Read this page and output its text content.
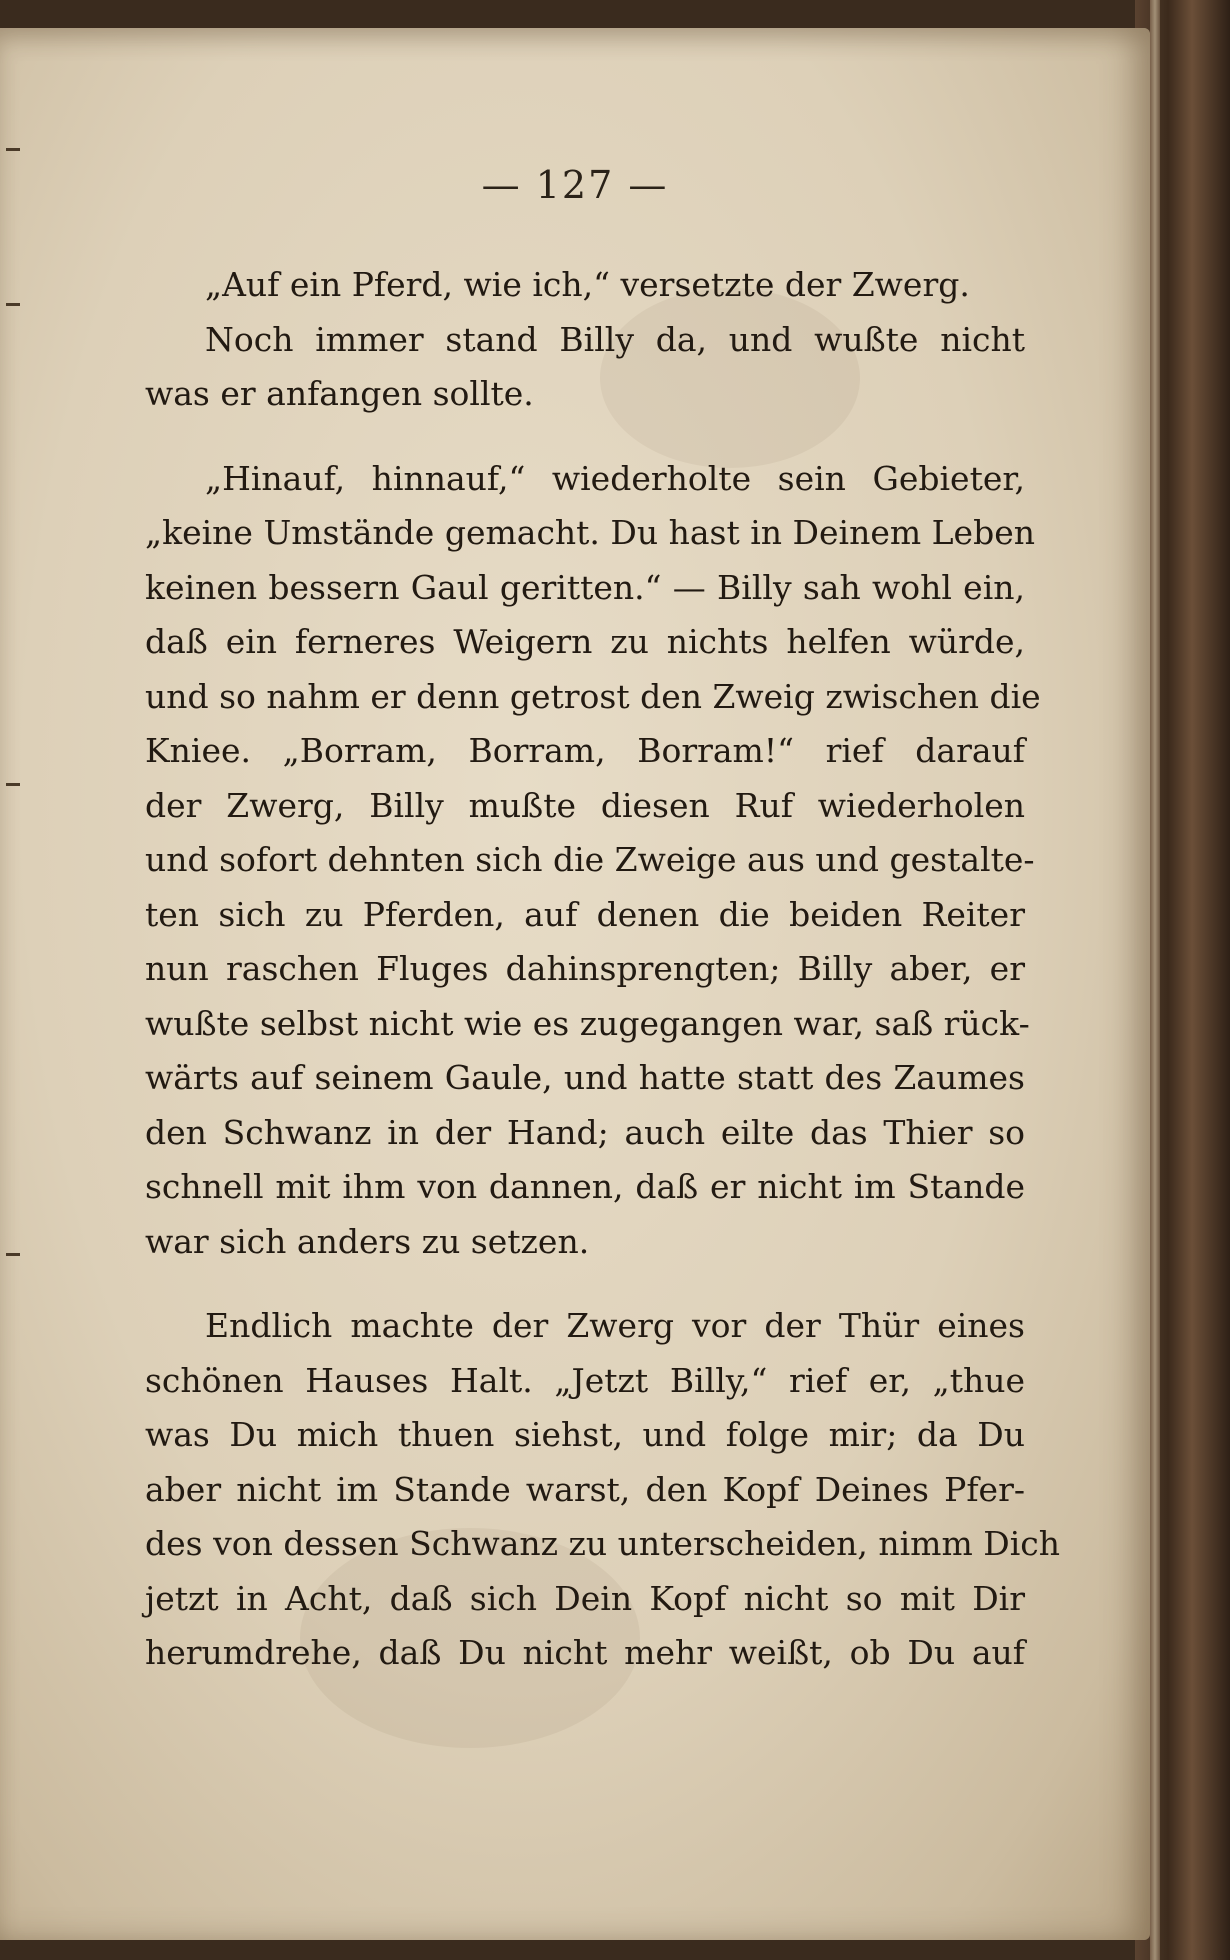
— 127 —
„Auf ein Pferd, wie ich,“ versetzte der Zwerg.
Noch immer stand Billy da, und wußte nicht
was er anfangen sollte.
„Hinauf, hinnauf,“ wiederholte sein Gebieter,
„keine Umstände gemacht. Du hast in Deinem Leben
keinen bessern Gaul geritten.“ — Billy sah wohl ein,
daß ein ferneres Weigern zu nichts helfen würde,
und so nahm er denn getrost den Zweig zwischen die
Kniee. „Borram, Borram, Borram!“ rief darauf
der Zwerg, Billy mußte diesen Ruf wiederholen
und sofort dehnten sich die Zweige aus und gestalte-
ten sich zu Pferden, auf denen die beiden Reiter
nun raschen Fluges dahinsprengten; Billy aber, er
wußte selbst nicht wie es zugegangen war, saß rück-
wärts auf seinem Gaule, und hatte statt des Zaumes
den Schwanz in der Hand; auch eilte das Thier so
schnell mit ihm von dannen, daß er nicht im Stande
war sich anders zu setzen.
Endlich machte der Zwerg vor der Thür eines
schönen Hauses Halt. „Jetzt Billy,“ rief er, „thue
was Du mich thuen siehst, und folge mir; da Du
aber nicht im Stande warst, den Kopf Deines Pfer-
des von dessen Schwanz zu unterscheiden, nimm Dich
jetzt in Acht, daß sich Dein Kopf nicht so mit Dir
herumdrehe, daß Du nicht mehr weißt, ob Du auf
